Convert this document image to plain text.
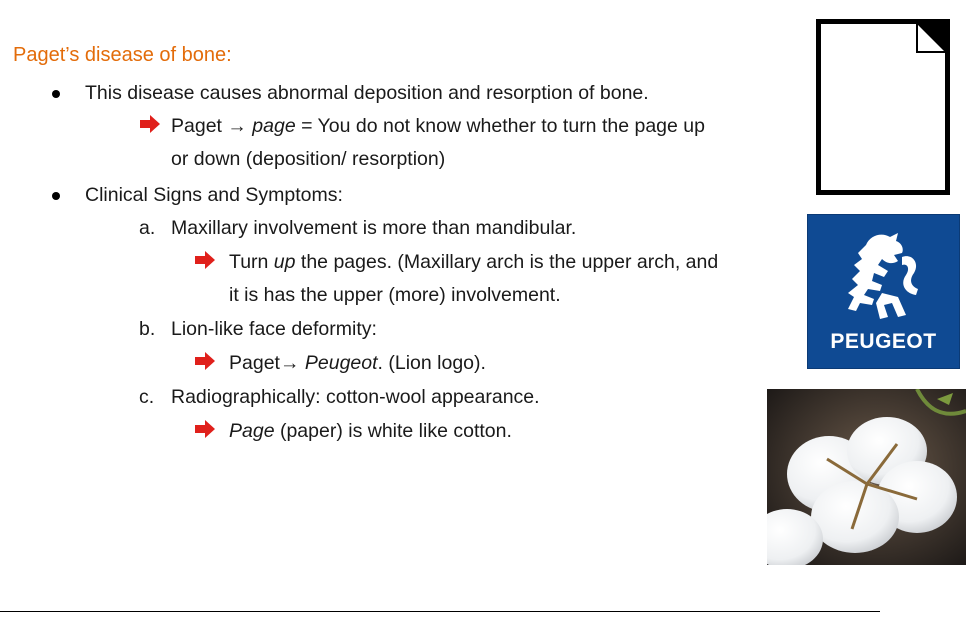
Paget’s disease of bone:
This disease causes abnormal deposition and resorption of bone.
Paget → page = You do not know whether to turn the page up
or down (deposition/ resorption)
Clinical Signs and Symptoms:
a. Maxillary involvement is more than mandibular.
Turn up the pages. (Maxillary arch is the upper arch, and
it is has the upper (more) involvement.
b. Lion-like face deformity:
Paget→ Peugeot. (Lion logo).
c. Radiographically: cotton-wool appearance.
Page (paper) is white like cotton.
PEUGEOT
